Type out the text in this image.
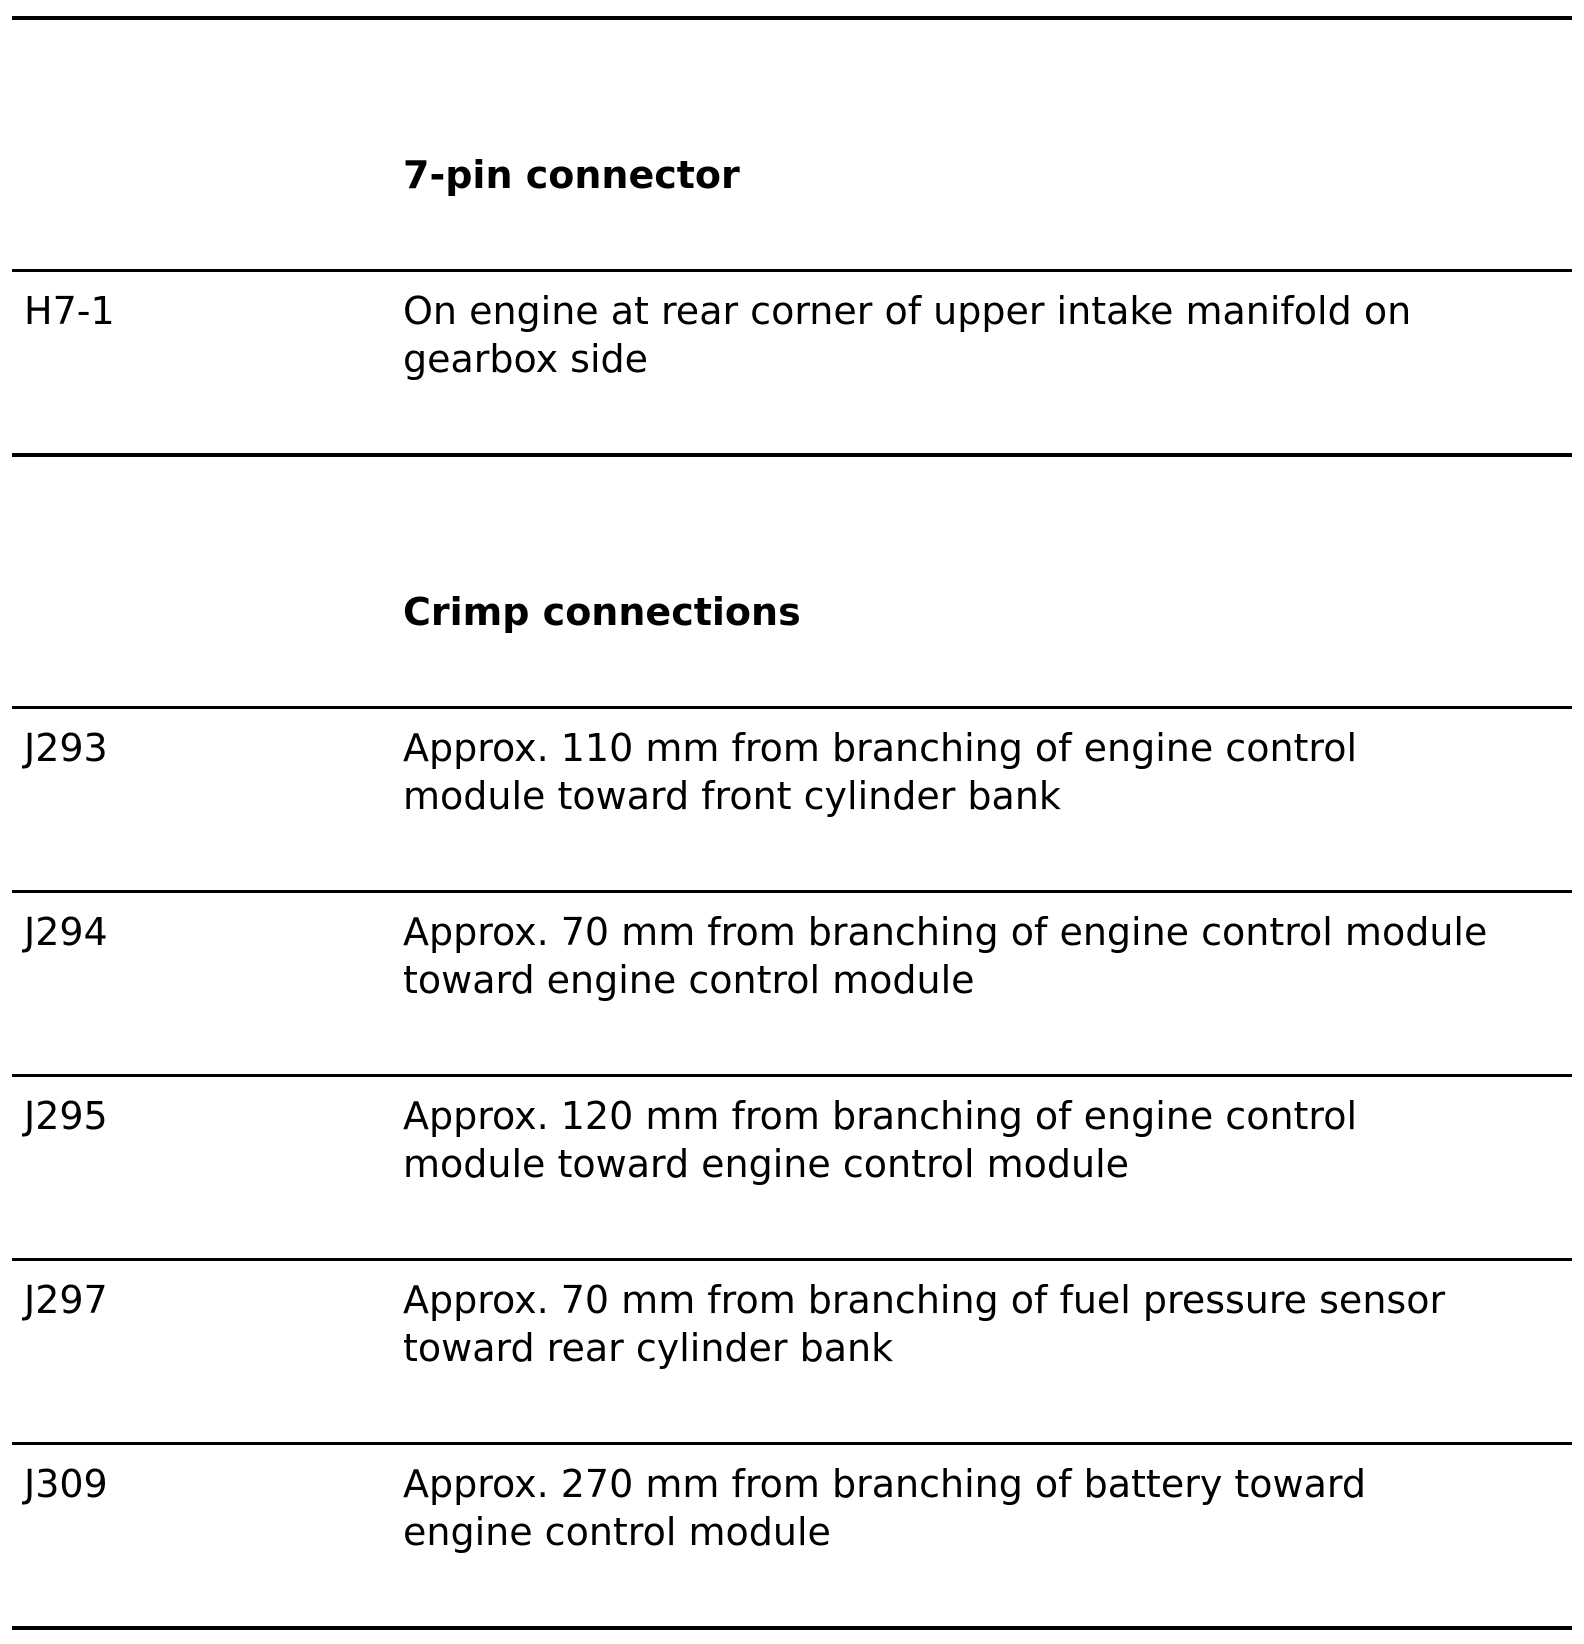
7-pin connector
H7-1	On engine at rear corner of upper intake manifold on
gearbox side
Crimp connections
J293	Approx. 110 mm from branching of engine control
module toward front cylinder bank
J294	Approx. 70 mm from branching of engine control module
toward engine control module
J295	Approx. 120 mm from branching of engine control
module toward engine control module
J297	Approx. 70 mm from branching of fuel pressure sensor
toward rear cylinder bank
J309	Approx. 270 mm from branching of battery toward
engine control module
